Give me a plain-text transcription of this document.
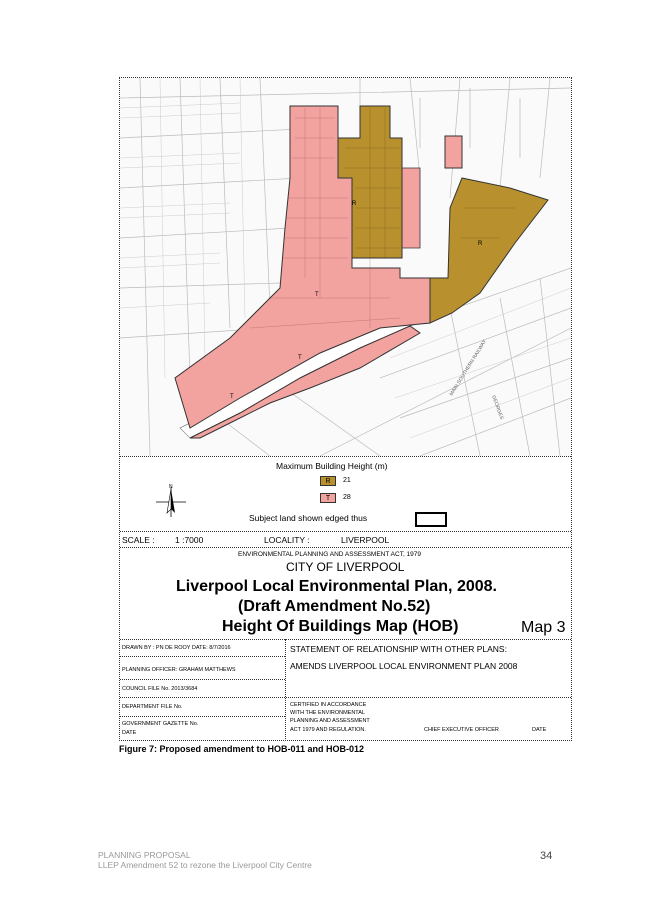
R
R
T
T
T	MAIN SOUTHERN RAILWAY
GEORGES
Maximum Building Height (m)
R	21
T	28
Subject land shown edged thus
N
SCALE : 1 :7000	LOCALITY :	LIVERPOOL
ENVIRONMENTAL PLANNING AND ASSESSMENT ACT, 1979
CITY OF LIVERPOOL
Liverpool Local Environmental Plan, 2008.
(Draft Amendment No.52)
Height Of Buildings Map (HOB)	Map 3
DRAWN BY : PN DE ROOY DATE: 8/7/2016
PLANNING OFFICER: GRAHAM MATTHEWS
COUNCIL FILE No. 2013/3684
DEPARTMENT FILE No.
GOVERNMENT GAZETTE No.
DATE
STATEMENT OF RELATIONSHIP WITH OTHER PLANS:
AMENDS LIVERPOOL LOCAL ENVIRONMENT PLAN 2008
CERTIFIED IN ACCORDANCE
WITH THE ENVIRONMENTAL
PLANNING AND ASSESSMENT
ACT 1979 AND REGULATION.	CHIEF EXECUTIVE OFFICER	DATE
Figure 7: Proposed amendment to HOB-011 and HOB-012
PLANNING PROPOSAL
LLEP Amendment 52 to rezone the Liverpool City Centre
34
